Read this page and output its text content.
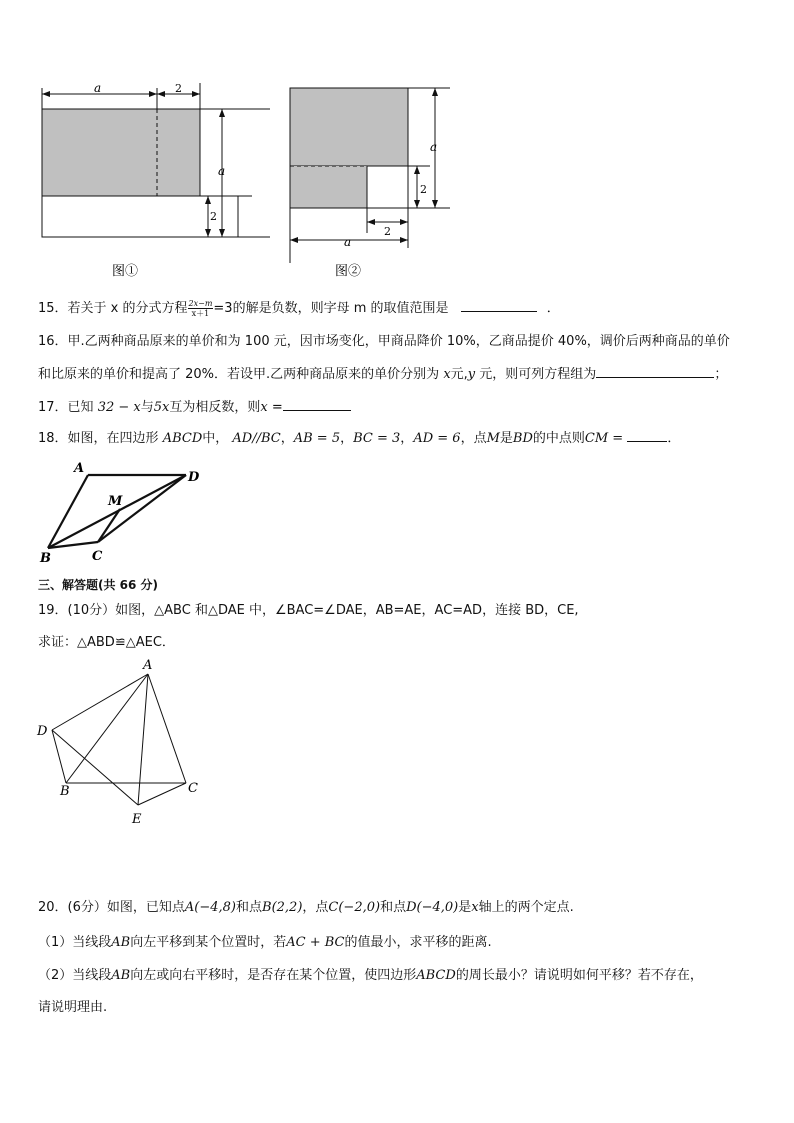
a	2
a
2
图①
a
2
2
a
图②
15．若关于 x 的分式方程 $\frac{2x-m}{x+1} =3$的解是负数，则字母 m 的取值范围是	．
16．甲.乙两种商品原来的单价和为 100 元，因市场变化，甲商品降价 10%，乙商品提价 40%，调价后两种商品的单价
和比原来的单价和提高了 20%．若设甲.乙两种商品原来的单价分别为 x元,y 元，则可列方程组为	；
17．已知 32 − x与5x互为相反数，则x =
18．如图，在四边形 ABCD中， AD//BC，AB = 5，BC = 3，AD = 6，点M是BD的中点则CM =	．
A
D
M
B	C
三、解答题(共 66 分)
19．(10分）如图，△ABC 和△DAE 中，∠BAC=∠DAE，AB=AE，AC=AD，连接 BD，CE,
求证：△ABD≌△AEC．
A
D
B	C
E
20．(6分）如图，已知点A(−4,8)和点B(2,2)，点C(−2,0)和点D(−4,0)是x轴上的两个定点.
（1）当线段AB向左平移到某个位置时，若AC + BC的值最小，求平移的距离.
（2）当线段AB向左或向右平移时，是否存在某个位置，使四边形ABCD的周长最小？请说明如何平移？若不存在，
请说明理由.
